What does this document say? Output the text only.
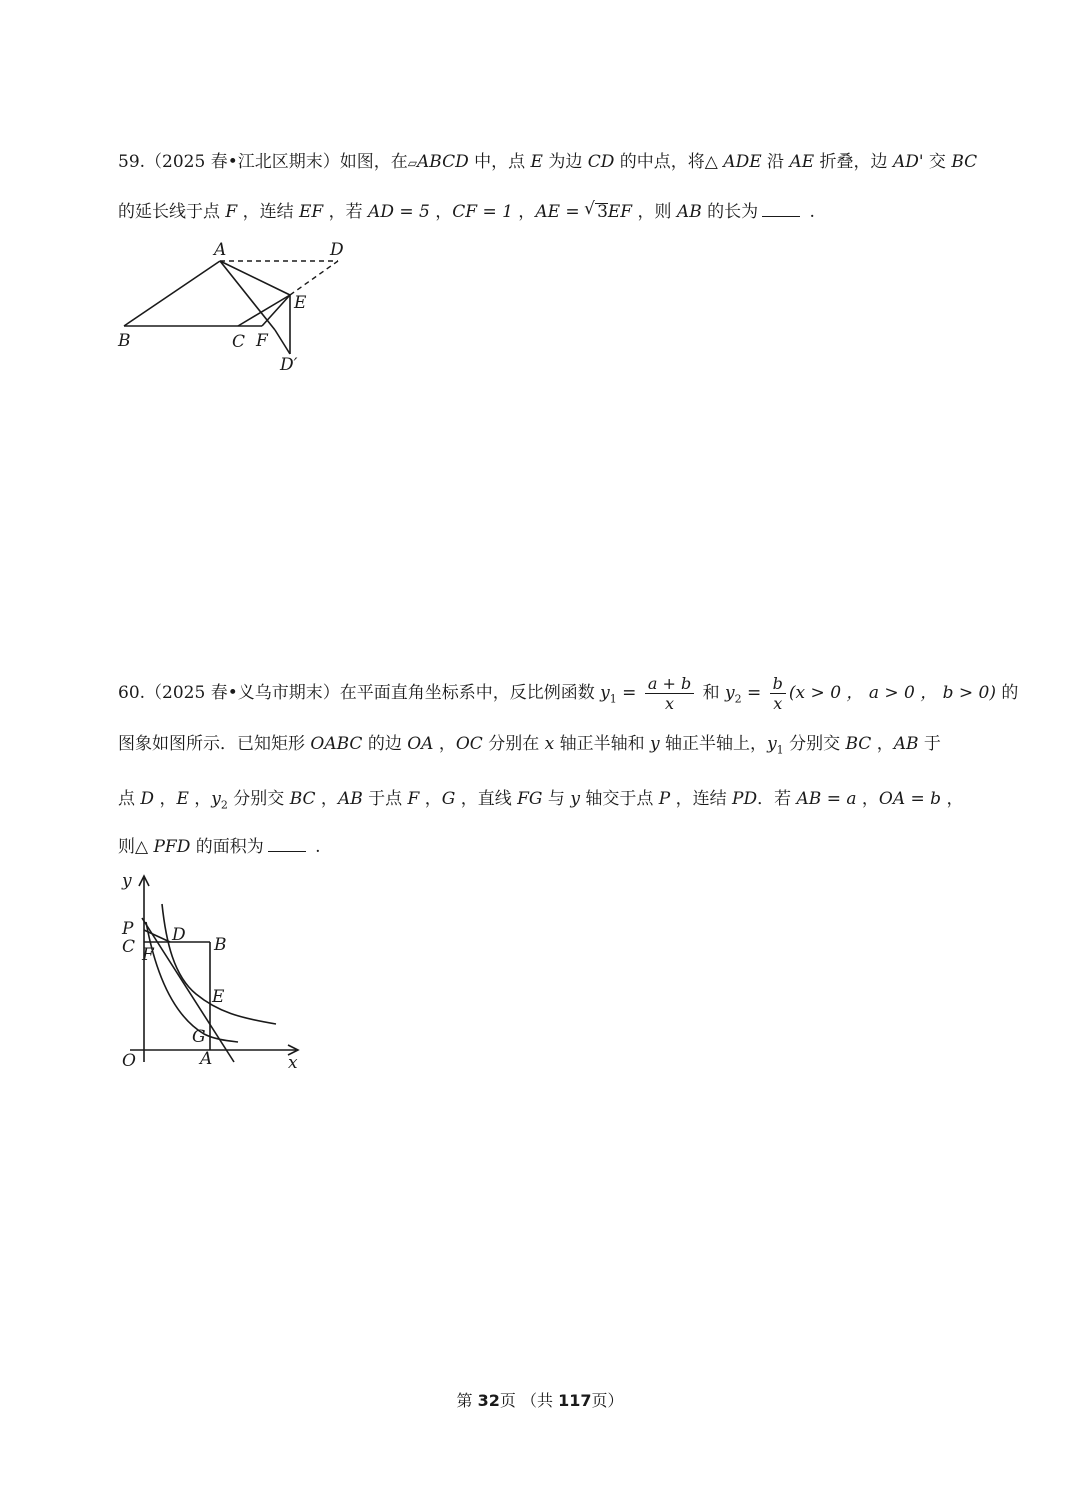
59.（2025 春•江北区期末）如图，在▱ABCD 中，点 E 为边 CD 的中点，将△ ADE 沿 AE 折叠，边 AD' 交 BC
的延长线于点 F ，连结 EF ，若 AD = 5 ，CF = 1 ，AE = √ 3EF ，则 AB 的长为	.
A	D
E
B	C F
D′
60.（2025 春•义乌市期末）在平面直角坐标系中，反比例函数 $y_1 = \frac{a + b}{x}$ 和 $y_2 = \frac{b}{x} (x > 0$ ， a > 0 ， b > 0) 的
图象如图所示．已知矩形 OABC 的边 OA ，OC 分别在 x 轴正半轴和 y 轴正半轴上，$y_1$ 分别交 BC ，AB 于
点 D ，E ，$y_2$ 分别交 BC ，AB 于点 F ，G ，直线 FG 与 y 轴交于点 P ，连结 PD．若 AB = a ，OA = b ，
则△ PFD 的面积为	.
y
x
O
P
C F
D B
E
G
A
第 32页 （共 117页）
